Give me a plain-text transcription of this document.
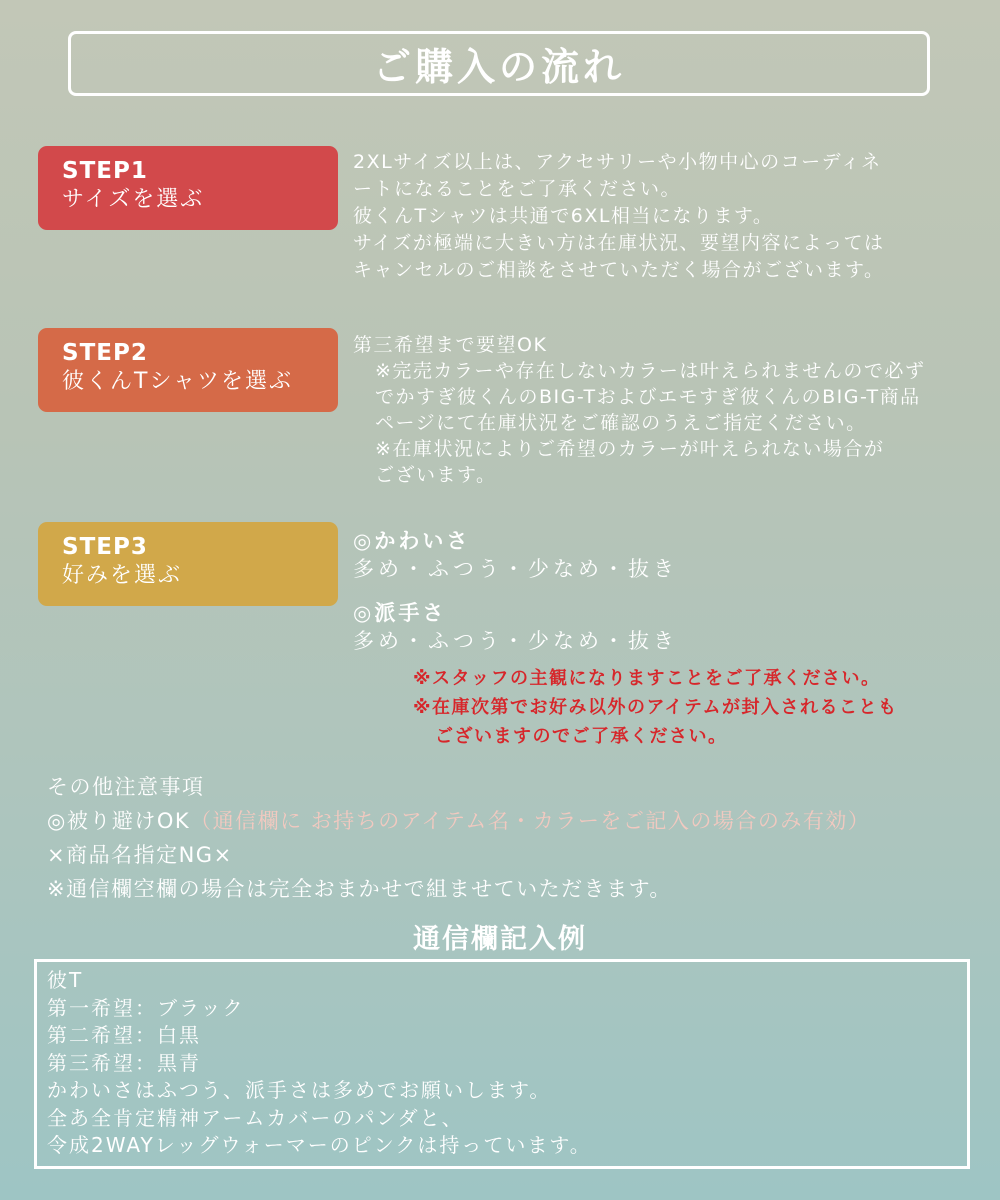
ご購入の流れ
STEP1
サイズを選ぶ
2XLサイズ以上は、アクセサリーや小物中心のコーディネ
ートになることをご了承ください。
彼くんTシャツは共通で6XL相当になります。
サイズが極端に大きい方は在庫状況、要望内容によっては
キャンセルのご相談をさせていただく場合がございます。
STEP2
彼くんTシャツを選ぶ
第三希望まで要望OK
※完売カラーや存在しないカラーは叶えられませんので必ず
でかすぎ彼くんのBIG-Tおよびエモすぎ彼くんのBIG-T商品
ページにて在庫状況をご確認のうえご指定ください。
※在庫状況によりご希望のカラーが叶えられない場合が
ございます。
STEP3
好みを選ぶ
◎かわいさ
多め・ふつう・少なめ・抜き
◎派手さ
多め・ふつう・少なめ・抜き
※スタッフの主観になりますことをご了承ください。
※在庫次第でお好み以外のアイテムが封入されることも
ございますのでご了承ください。
その他注意事項
◎被り避けOK（通信欄に お持ちのアイテム名・カラーをご記入の場合のみ有効）
×商品名指定NG×
※通信欄空欄の場合は完全おまかせで組ませていただきます。
通信欄記入例
彼T
第一希望：ブラック
第二希望：白黒
第三希望：黒青
かわいさはふつう、派手さは多めでお願いします。
全あ全肯定精神アームカバーのパンダと、
令成2WAYレッグウォーマーのピンクは持っています。
